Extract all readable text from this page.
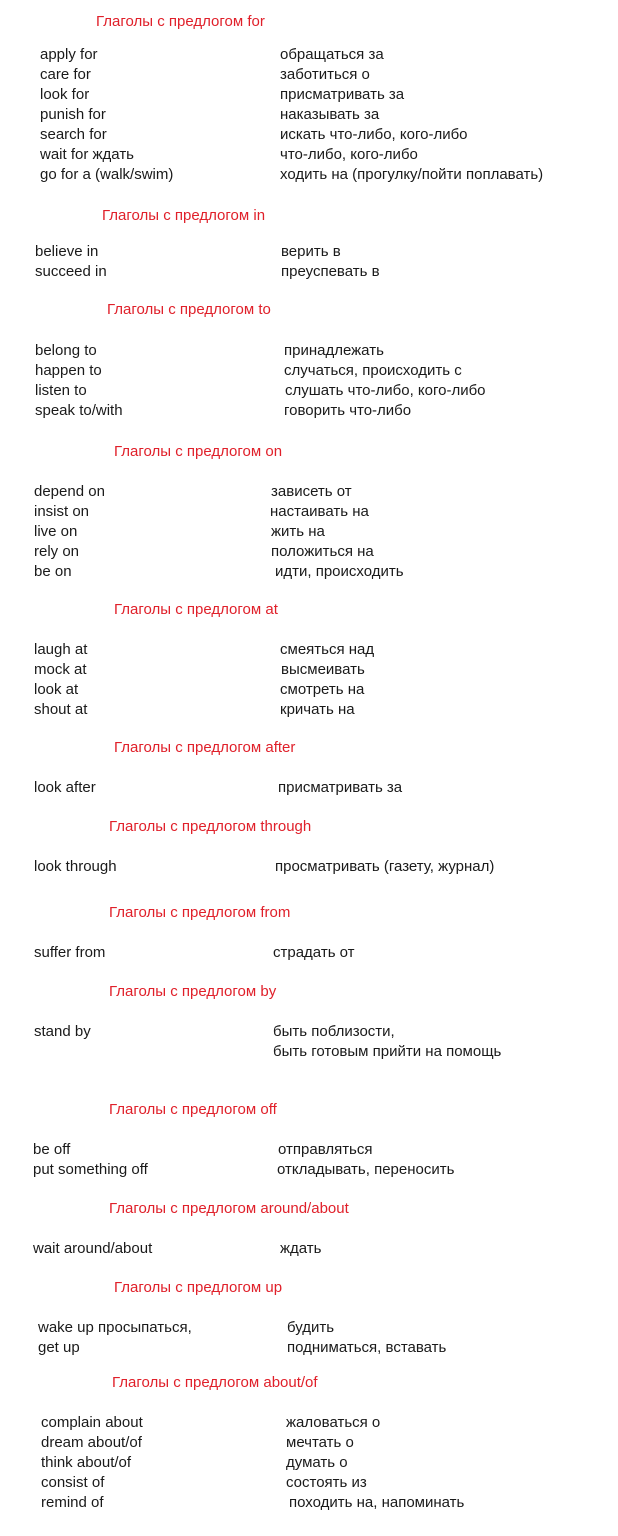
Глаголы с предлогом for
apply for	обращаться за
care for	заботиться о
look for	присматривать за
punish for	наказывать за
search for	искать что-либо, кого-либо
wait for ждать	что-либо, кого-либо
go for a (walk/swim)	ходить на (прогулку/пойти поплавать)
Глаголы с предлогом in
believe in	верить в
succeed in	преуспевать в
Глаголы с предлогом to
belong to	принадлежать
happen to	случаться, происходить с
listen to	слушать что-либо, кого-либо
speak to/with	говорить что-либо
Глаголы с предлогом on
depend on	зависеть от
insist on	настаивать на
live on	жить на
rely on	положиться на
be on	идти, происходить
Глаголы с предлогом at
laugh at	смеяться над
mock at	высмеивать
look at	смотреть на
shout at	кричать на
Глаголы с предлогом after
look after	присматривать за
Глаголы с предлогом through
look through	просматривать (газету, журнал)
Глаголы с предлогом from
suffer from	страдать от
Глаголы с предлогом by
stand by	быть поблизости,
быть готовым прийти на помощь
Глаголы с предлогом off
be off	отправляться
put something off	откладывать, переносить
Глаголы с предлогом around/about
wait around/about	ждать
Глаголы с предлогом up
wake up просыпаться,	будить
get up	подниматься, вставать
Глаголы с предлогом about/of
complain about	жаловаться о
dream about/of	мечтать о
think about/of	думать о
consist of	состоять из
remind of	походить на, напоминать
